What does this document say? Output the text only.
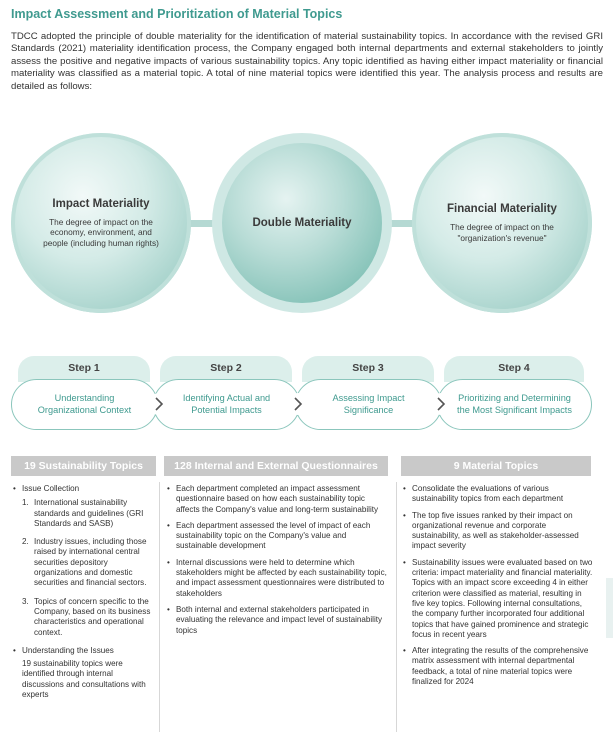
Impact Assessment and Prioritization of Material Topics
TDCC adopted the principle of double materiality for the identification of material sustainability topics. In accordance with the revised GRI Standards (2021) materiality identification process, the Company engaged both internal departments and external stakeholders to jointly assess the positive and negative impacts of various sustainability topics. Any topic identified as having either impact materiality or financial materiality was classified as a material topic. A total of nine material topics were identified this year. The analysis process and results are detailed as follows:
Impact Materiality
The degree of impact on the economy, environment, and people (including human rights)
Double Materiality
Financial Materiality
The degree of impact on the "organization's revenue"
Step 1	Step 2	Step 3	Step 4
Understanding Organizational Context
Identifying Actual and Potential Impacts
Assessing Impact Significance
Prioritizing and Determining the Most Significant Impacts
19 Sustainability Topics	128 Internal and External Questionnaires	9 Material Topics
• Issue Collection
1. International sustainability standards and guidelines (GRI Standards and SASB)
2. Industry issues, including those raised by international central securities depository organizations and domestic securities and financial sectors.
3. Topics of concern specific to the Company, based on its business characteristics and operational context.
• Understanding the Issues
19 sustainability topics were identified through internal discussions and consultations with experts
• Each department completed an impact assessment questionnaire based on how each sustainability topic affects the Company's value and long-term sustainability
• Each department assessed the level of impact of each sustainability topic on the Company's value and sustainable development
• Internal discussions were held to determine which stakeholders might be affected by each sustainability topic, and impact assessment questionnaires were distributed to stakeholders
• Both internal and external stakeholders participated in evaluating the relevance and impact level of sustainability topics
• Consolidate the evaluations of various sustainability topics from each department
• The top five issues ranked by their impact on organizational revenue and corporate sustainability, as well as stakeholder-assessed impact severity
• Sustainability issues were evaluated based on two criteria: impact materiality and financial materiality. Topics with an impact score exceeding 4 in either criterion were classified as material, resulting in five key topics. Following internal consultations, the company further incorporated four additional topics that have gained prominence and strategic focus in recent years
• After integrating the results of the comprehensive matrix assessment with internal departmental feedback, a total of nine material topics were finalized for 2024
